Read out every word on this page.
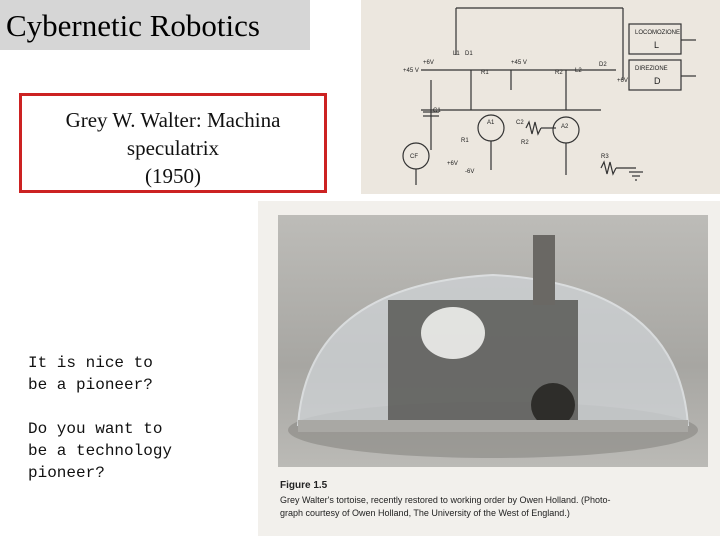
Cybernetic Robotics
Grey W. Walter: Machina
speculatrix
(1950)
It is nice to
be a pioneer?
Do you want to
be a technology
pioneer?
LOCOMOZIONE
L
DIREZIONE
D
+45 V
+6V	+45 V
L1 D1
R1	R2 L2
D2
+6V
C1
A1
A2
C2
R1	R2
R3
CF
+6V
-6V
Figure 1.5
Grey Walter's tortoise, recently restored to working order by Owen Holland. (Photo-
graph courtesy of Owen Holland, The University of the West of England.)
